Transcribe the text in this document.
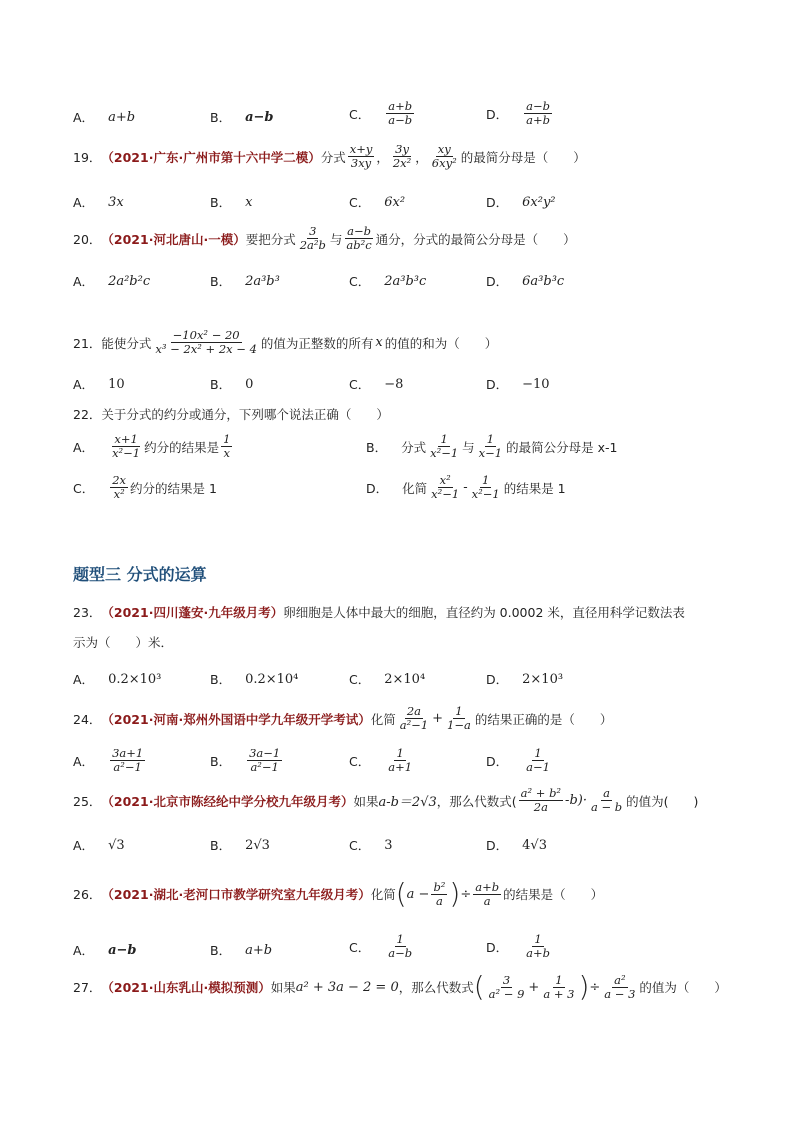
A． a+b	B． a−b	C． $\frac{a+b}{a-b}$	D． $\frac{a-b}{a+b}$
19． （2021·广东·广州市第十六中学二模） 分式 $\frac{x+y}{3xy}$ ， $\frac{3y}{\text{2x²}}$ ， $\frac{xy}{\text{6xy²}}$ 的最简分母是（　　）
A． 3x	B． x	C． 6x²	D． 6x²y²
20． （2021·河北唐山·一模） 要把分式 $\frac{3}{\text{2a²b}}$ 与 $\frac{a-b}{\text{ab²c}}$ 通分，分式的最简公分母是（　　）
A． 2a²b²c	B． 2a³b³	C． 2a³b³c	D． 6a³b³c
21． 能使分式 $\frac{\text{−10x² − 20}}{\text{x³ − 2x² + 2x − 4}}$ 的值为正整数的所有 x 的值的和为（　　）
A． 10	B． 0	C． −8	D． −10
22． 关于分式的约分或通分，下列哪个说法正确（　　）
A． $\frac{x+1}{\text{x²−1}}$ 约分的结果是 $\frac{1}{x}$	B． 分式 $\frac{1}{\text{x²−1}}$ 与 $\frac{1}{x-1}$ 的最简公分母是 x-1
C． $\frac{2x}{\text{x²}}$ 约分的结果是 1	D． 化简 $\frac{\text{x²}}{\text{x²−1}} - \frac{1}{\text{x²−1}}$ 的结果是 1
题型三 分式的运算
23． （2021·四川蓬安·九年级月考） 卵细胞是人体中最大的细胞，直径约为 0.0002 米，直径用科学记数法表
示为（　　）米．
A． 0.2×10³	B． 0.2×10⁴	C． 2×10⁴	D． 2×10³
24． （2021·河南·郑州外国语中学九年级开学考试） 化简 $\frac{2a}{\text{a²−1}} + \frac{1}{1-a}$ 的结果正确的是（　　）
A． $\frac{3a+1}{\text{a²−1}}$	B． $\frac{3a-1}{\text{a²−1}}$	C． $\frac{1}{a+1}$	D． $\frac{1}{a-1}$
25． （2021·北京市陈经纶中学分校九年级月考） 如果 a-b＝2√3 ，那么代数式( $\frac{\text{a² + b²}}{2a} -b)\cdot \frac{a}{a - b}$ 的值为(　　)
A． √3	B． 2√3	C． 3	D． 4√3
26． （2021·湖北·老河口市教学研究室九年级月考） 化简 ( $a - \frac{\text{b²}}{a}$ ) ÷ $\frac{a+b}{a}$ 的结果是（　　）
A． a−b	B． a+b	C． $\frac{1}{a-b}$	D． $\frac{1}{a+b}$
27． （2021·山东乳山·模拟预测） 如果 a² + 3a − 2 = 0 ，那么代数式 ( $\frac{3}{\text{a² − 9}} + \frac{1}{a + 3}$ ) ÷ $\frac{\text{a²}}{a - 3}$ 的值为（　　）
